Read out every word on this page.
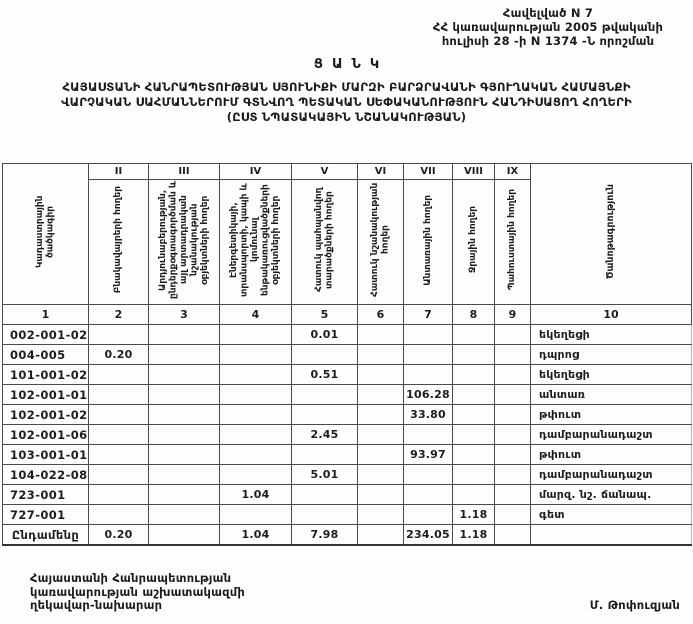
Հավելված N 7
ՀՀ կառավարության 2005 թվականի
հուլիսի 28 -ի N 1374 -Ն որոշման
ՑԱՆԿ
ՀԱՅԱՍՏԱՆԻ ՀԱՆՐԱՊԵՏՈՒԹՅԱՆ ՍՅՈՒՆԻՔԻ ՄԱՐԶԻ ԲԱՐՁՐԱՎԱՆԻ ԳՅՈՒՂԱԿԱՆ ՀԱՄԱՅՆՔԻ
ՎԱՐՉԱԿԱՆ ՍԱՀՄԱՆՆԵՐՈՒՄ ԳՏՆՎՈՂ ՊԵՏԱԿԱՆ ՍԵՓԱԿԱՆՈՒԹՅՈՒՆ ՀԱՆԴԻՍԱՑՈՂ ՀՈՂԵՐԻ
(ԸՍՏ ՆՊԱՏԱԿԱՅԻՆ ՆՇԱՆԱԿՈՒԹՅԱՆ)
Կադաստրային ծածկագիր	II	III	IV	V	VI	VII	VIII	IX	Ծանոթագրություն
	Բնակավայրերի հողեր	Արդյունաբերության, ընդերքօգտագործման և այլ արտադրական նշանակության օբյեկտների հողեր	Էներգետիկայի, տրանսպորտի, կապի և կոմունալ ենթակառուցվածքների օբյեկտների հողեր	Հատուկ պահպանվող տարածքների հողեր	Հատուկ նշանակության հողեր	Անտառային հողեր	Ջրային հողեր	Պահուստային հողեր	
1	2	3	4	5	6	7	8	9	10
002-001-02				0.01					եկեղեցի
004-005	0.20								դպրոց
101-001-02				0.51					եկեղեցի
102-001-01						106.28			անտառ
102-001-02						33.80			թփուտ
102-001-06				2.45					դամբարանադաշտ
103-001-01						93.97			թփուտ
104-022-08				5.01					դամբարանադաշտ
723-001			1.04						մարզ. նշ. ճանապ.
727-001							1.18		գետ
Ընդամենը	0.20		1.04	7.98		234.05	1.18		
Հայաստանի Հանրապետության
կառավարության աշխատակազմի
ղեկավար-նախարար	Մ. Թոփուզյան
